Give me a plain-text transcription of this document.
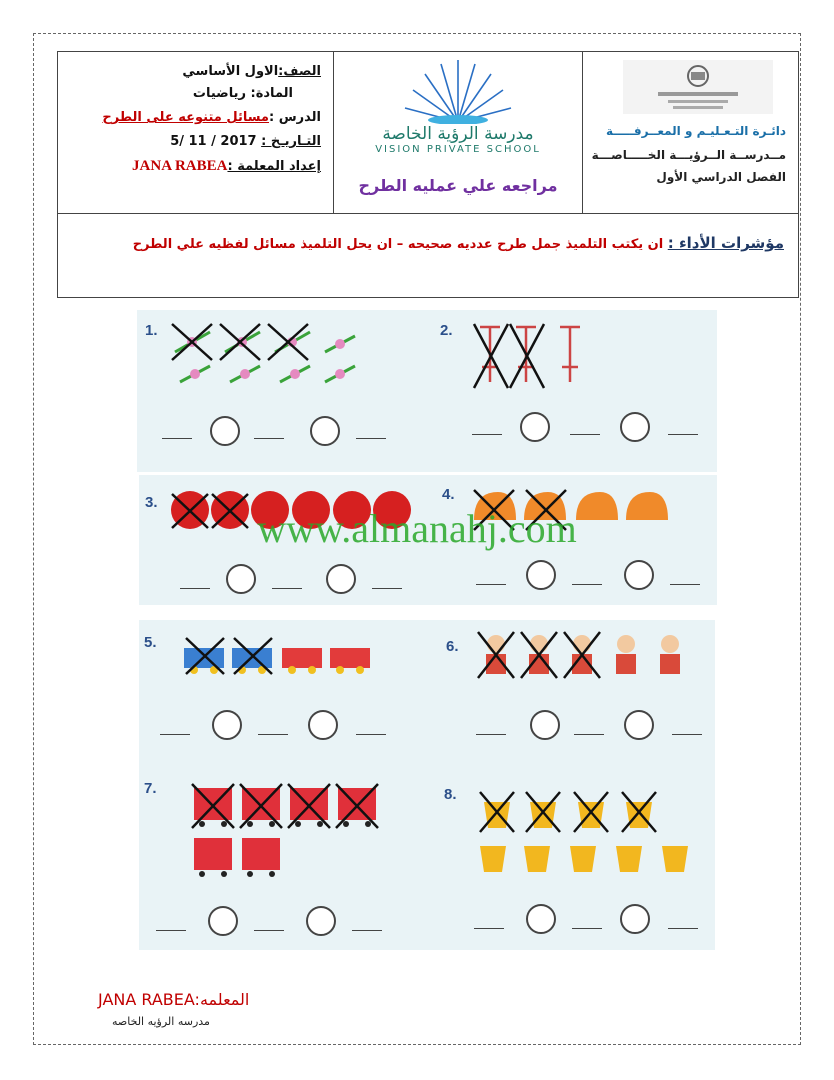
دائـرة التـعـليـم و المعــرفـــــة
مــدرســة الــرؤيـــة الخـــــاصـــة
الفصل الدراسي الأول
مدرسة الرؤية الخاصة
VISION PRIVATE SCHOOL
مراجعه علي عمليه الطرح
الصف:الاول الأساسي
المادة: رياضيات
الدرس :مسائل متنوعه على الطرح
التـاريـخ : 5/ 11 / 2017
إعداد المعلمة :JANA RABEA
مؤشرات الأداء : ان يكتب التلميذ جمل طرح عدديه صحيحه – ان يحل التلميذ مسائل لفظيه علي الطرح
1.	2.
3.	4.
5.	6.
7.	8.
www.almanahj.com
JANA RABEA:المعلمه
مدرسه الرؤيه الخاصه
